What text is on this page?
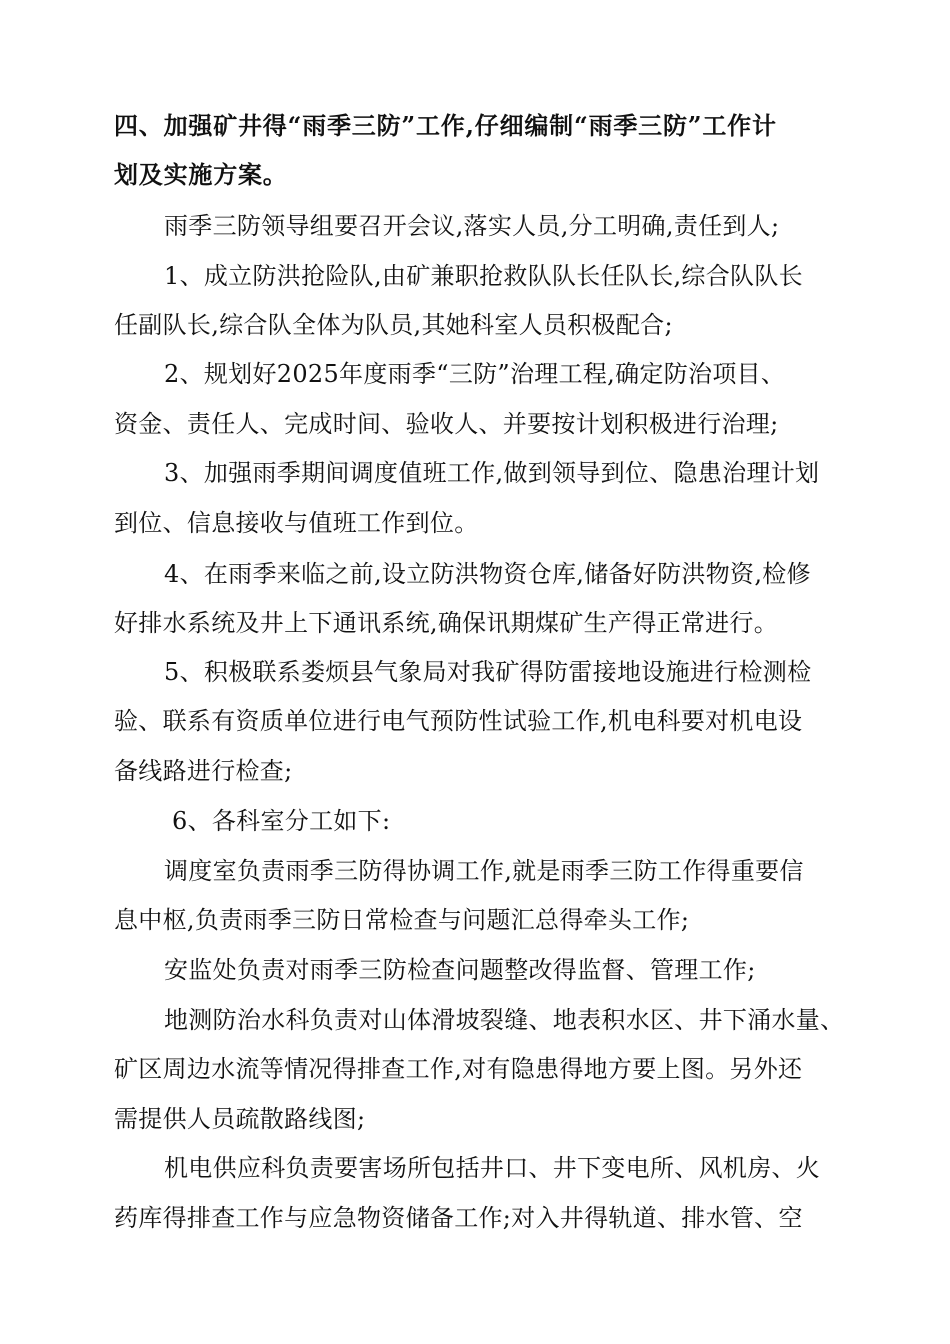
四、加强矿井得“雨季三防”工作,仔细编制“雨季三防”工作计
划及实施方案。
雨季三防领导组要召开会议,落实人员,分工明确,责任到人;
1、成立防洪抢险队,由矿兼职抢救队队长任队长,综合队队长
任副队长,综合队全体为队员,其她科室人员积极配合;
2、规划好2025年度雨季“三防”治理工程,确定防治项目、
资金、责任人、完成时间、验收人、并要按计划积极进行治理;
3、加强雨季期间调度值班工作,做到领导到位、隐患治理计划
到位、信息接收与值班工作到位。
4、在雨季来临之前,设立防洪物资仓库,储备好防洪物资,检修
好排水系统及井上下通讯系统,确保讯期煤矿生产得正常进行。
5、积极联系娄烦县气象局对我矿得防雷接地设施进行检测检
验、联系有资质单位进行电气预防性试验工作,机电科要对机电设
备线路进行检查;
6、各科室分工如下:
调度室负责雨季三防得协调工作,就是雨季三防工作得重要信
息中枢,负责雨季三防日常检查与问题汇总得牵头工作;
安监处负责对雨季三防检查问题整改得监督、管理工作;
地测防治水科负责对山体滑坡裂缝、地表积水区、井下涌水量、
矿区周边水流等情况得排查工作,对有隐患得地方要上图。另外还
需提供人员疏散路线图;
机电供应科负责要害场所包括井口、井下变电所、风机房、火
药库得排查工作与应急物资储备工作;对入井得轨道、排水管、空
